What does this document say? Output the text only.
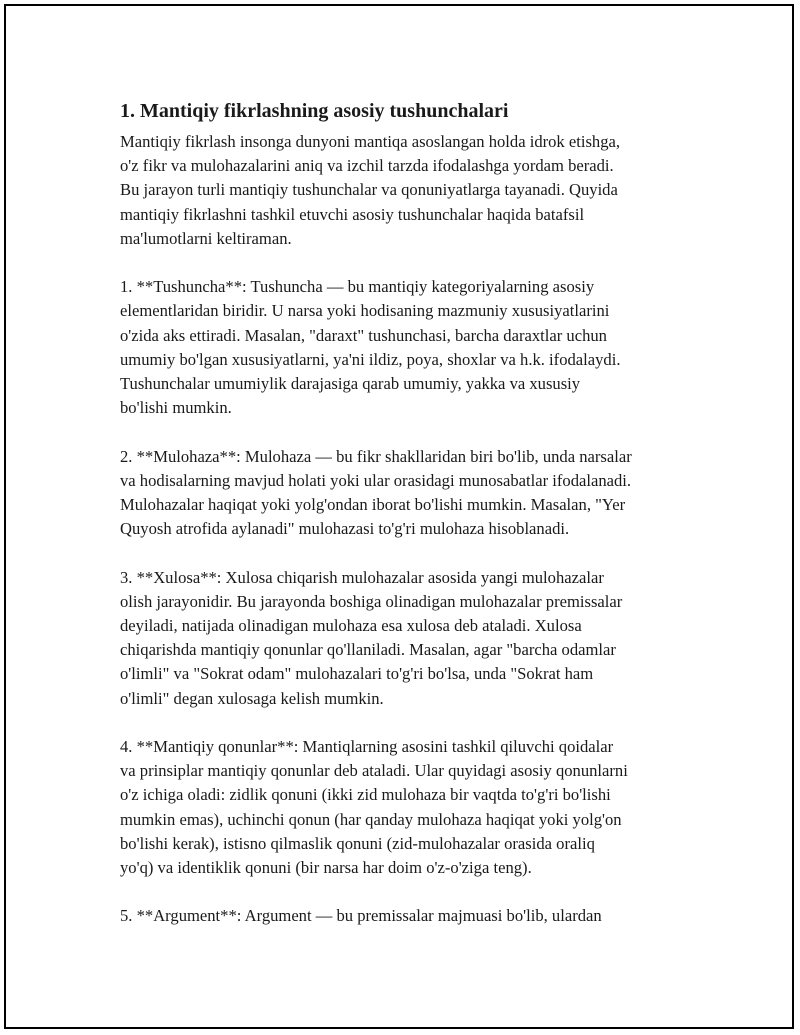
1. Mantiqiy fikrlashning asosiy tushunchalari

Mantiqiy fikrlash insonga dunyoni mantiqa asoslangan holda idrok etishga,
o'z fikr va mulohazalarini aniq va izchil tarzda ifodalashga yordam beradi.
Bu jarayon turli mantiqiy tushunchalar va qonuniyatlarga tayanadi. Quyida
mantiqiy fikrlashni tashkil etuvchi asosiy tushunchalar haqida batafsil
ma'lumotlarni keltiraman.

1. **Tushuncha**: Tushuncha — bu mantiqiy kategoriyalarning asosiy
elementlaridan biridir. U narsa yoki hodisaning mazmuniy xususiyatlarini
o'zida aks ettiradi. Masalan, "daraxt" tushunchasi, barcha daraxtlar uchun
umumiy bo'lgan xususiyatlarni, ya'ni ildiz, poya, shoxlar va h.k. ifodalaydi.
Tushunchalar umumiylik darajasiga qarab umumiy, yakka va xususiy
bo'lishi mumkin.

2. **Mulohaza**: Mulohaza — bu fikr shakllaridan biri bo'lib, unda narsalar
va hodisalarning mavjud holati yoki ular orasidagi munosabatlar ifodalanadi.
Mulohazalar haqiqat yoki yolg'ondan iborat bo'lishi mumkin. Masalan, "Yer
Quyosh atrofida aylanadi" mulohazasi to'g'ri mulohaza hisoblanadi.

3. **Xulosa**: Xulosa chiqarish mulohazalar asosida yangi mulohazalar
olish jarayonidir. Bu jarayonda boshiga olinadigan mulohazalar premissalar
deyiladi, natijada olinadigan mulohaza esa xulosa deb ataladi. Xulosa
chiqarishda mantiqiy qonunlar qo'llaniladi. Masalan, agar "barcha odamlar
o'limli" va "Sokrat odam" mulohazalari to'g'ri bo'lsa, unda "Sokrat ham
o'limli" degan xulosaga kelish mumkin.

4. **Mantiqiy qonunlar**: Mantiqlarning asosini tashkil qiluvchi qoidalar
va prinsiplar mantiqiy qonunlar deb ataladi. Ular quyidagi asosiy qonunlarni
o'z ichiga oladi: zidlik qonuni (ikki zid mulohaza bir vaqtda to'g'ri bo'lishi
mumkin emas), uchinchi qonun (har qanday mulohaza haqiqat yoki yolg'on
bo'lishi kerak), istisno qilmaslik qonuni (zid-mulohazalar orasida oraliq
yo'q) va identiklik qonuni (bir narsa har doim o'z-o'ziga teng).

5. **Argument**: Argument — bu premissalar majmuasi bo'lib, ulardan
